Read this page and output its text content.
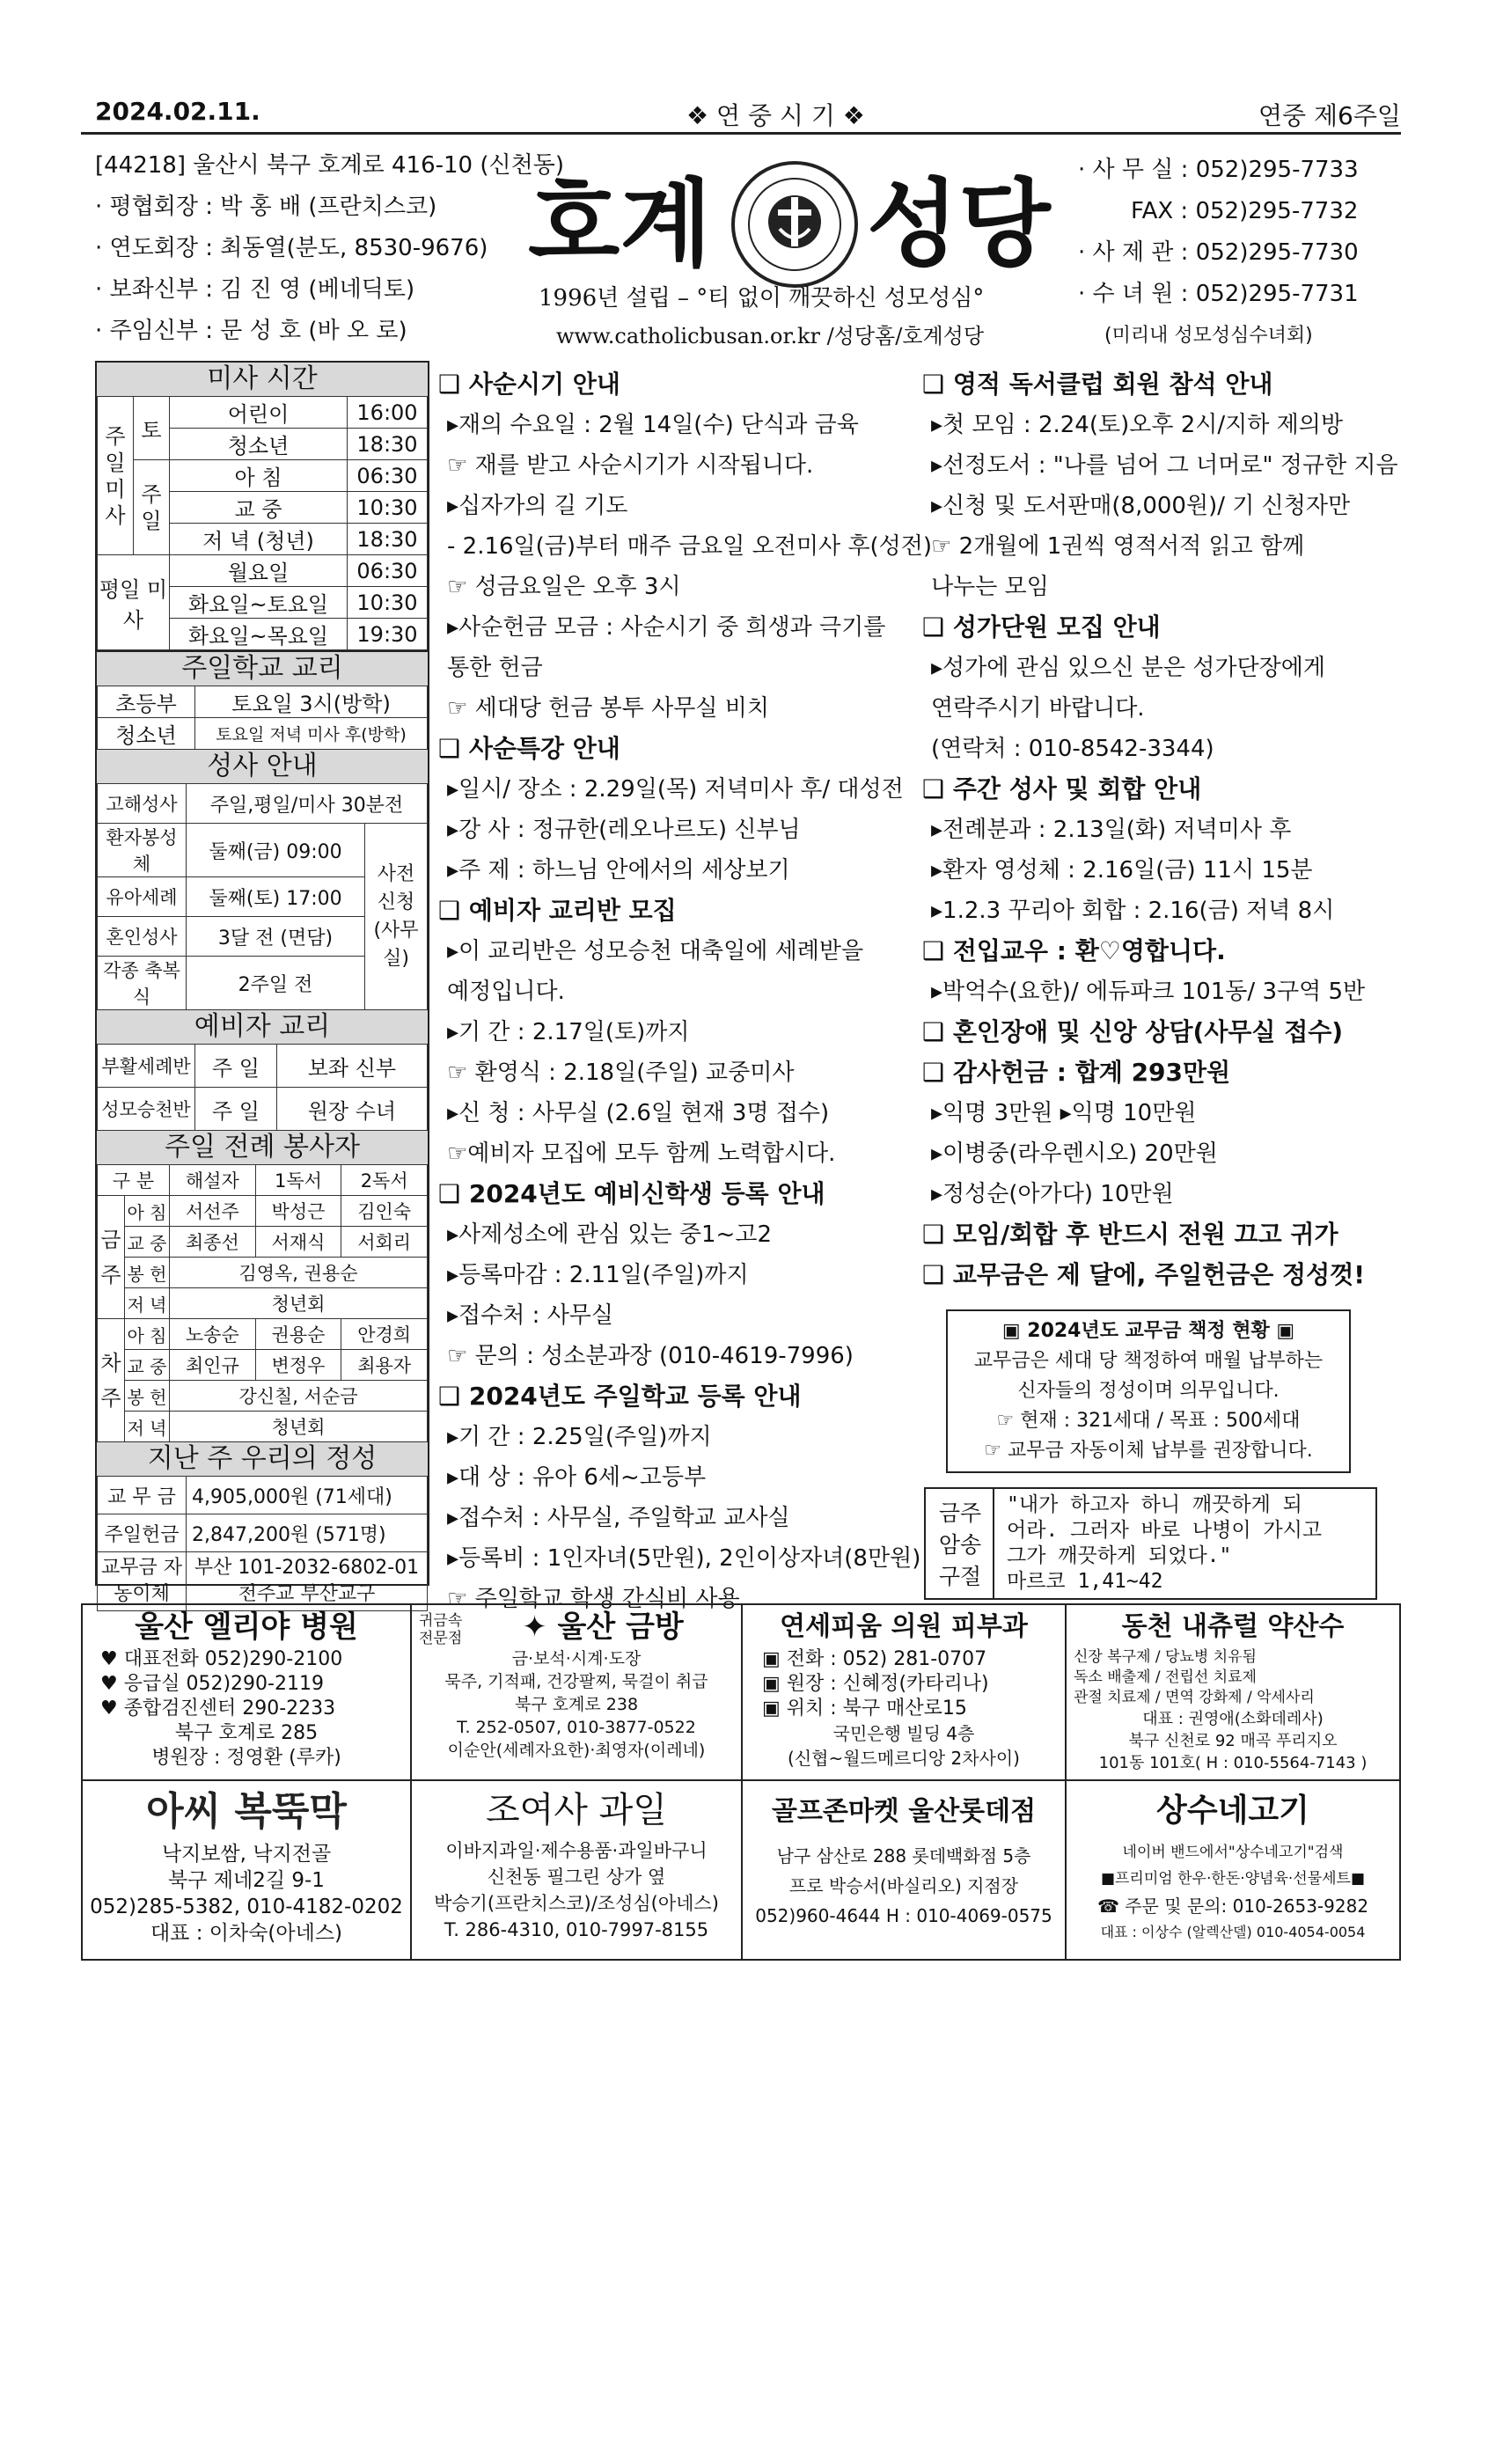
2024.02.11.	❖ 연 중 시 기 ❖	연중 제6주일
[44218] 울산시 북구 호계로 416-10 (신천동)
· 평협회장 : 박 홍 배 (프란치스코)
· 연도회장 : 최동열(분도, 8530-9676)
· 보좌신부 : 김 진 영 (베네딕토)
· 주임신부 : 문 성 호 (바 오 로)
호계 성당
1996년 설립 – °티 없이 깨끗하신 성모성심°
www.catholicbusan.or.kr /성당홈/호계성당
· 사 무 실 : 052)295-7733
FAX : 052)295-7732
· 사 제 관 : 052)295-7730
· 수 녀 원 : 052)295-7731
(미리내 성모성심수녀회)
미사 시간
주일미사	토	어린이	16:00
		청소년	18:30
	주일	아 침	06:30
		교 중	10:30
		저 녁 (청년)	18:30
평일 미사		월요일	06:30
		화요일~토요일	10:30
		화요일~목요일	19:30
주일학교 교리
초등부	토요일 3시(방학)
청소년	토요일 저녁 미사 후(방학)
성사 안내
고해성사	주일,평일/미사 30분전	
환자봉성체	둘째(금) 09:00	사전 신청 (사무실)
유아세례	둘째(토) 17:00	
혼인성사	3달 전 (면담)	
각종 축복식	2주일 전	
예비자 교리
부활세례반	주 일	보좌 신부
성모승천반	주 일	원장 수녀
주일 전례 봉사자
구 분		해설자	1독서	2독서
금주	아 침	서선주	박성근	김인숙
	교 중	최종선	서재식	서회리
	봉 헌	김영옥, 권용순		
	저 녁	청년회		
차주	아 침	노송순	권용순	안경희
	교 중	최인규	변정우	최용자
	봉 헌	강신칠, 서순금		
	저 녁	청년회		
지난 주 우리의 정성
교 무 금	4,905,000원 (71세대)
주일헌금	2,847,200원 (571명)
교무금 자동이체	부산 101-2032-6802-01 천주교 부산교구
❑ 사순시기 안내
▸재의 수요일 : 2월 14일(수) 단식과 금육
☞ 재를 받고 사순시기가 시작됩니다.
▸십자가의 길 기도
- 2.16일(금)부터 매주 금요일 오전미사 후(성전)
☞ 성금요일은 오후 3시
▸사순헌금 모금 : 사순시기 중 희생과 극기를
통한 헌금
☞ 세대당 헌금 봉투 사무실 비치
❑ 사순특강 안내
▸일시/ 장소 : 2.29일(목) 저녁미사 후/ 대성전
▸강 사 : 정규한(레오나르도) 신부님
▸주 제 : 하느님 안에서의 세상보기
❑ 예비자 교리반 모집
▸이 교리반은 성모승천 대축일에 세례받을
예정입니다.
▸기 간 : 2.17일(토)까지
☞ 환영식 : 2.18일(주일) 교중미사
▸신 청 : 사무실 (2.6일 현재 3명 접수)
☞예비자 모집에 모두 함께 노력합시다.
❑ 2024년도 예비신학생 등록 안내
▸사제성소에 관심 있는 중1~고2
▸등록마감 : 2.11일(주일)까지
▸접수처 : 사무실
☞ 문의 : 성소분과장 (010-4619-7996)
❑ 2024년도 주일학교 등록 안내
▸기 간 : 2.25일(주일)까지
▸대 상 : 유아 6세~고등부
▸접수처 : 사무실, 주일학교 교사실
▸등록비 : 1인자녀(5만원), 2인이상자녀(8만원)
☞ 주일학교 학생 간식비 사용
❑ 영적 독서클럽 회원 참석 안내
▸첫 모임 : 2.24(토)오후 2시/지하 제의방
▸선정도서 : "나를 넘어 그 너머로" 정규한 지음
▸신청 및 도서판매(8,000원)/ 기 신청자만
☞ 2개월에 1권씩 영적서적 읽고 함께
나누는 모임
❑ 성가단원 모집 안내
▸성가에 관심 있으신 분은 성가단장에게
연락주시기 바랍니다.
(연락처 : 010-8542-3344)
❑ 주간 성사 및 회합 안내
▸전례분과 : 2.13일(화) 저녁미사 후
▸환자 영성체 : 2.16일(금) 11시 15분
▸1.2.3 꾸리아 회합 : 2.16(금) 저녁 8시
❑ 전입교우 : 환♡영합니다.
▸박억수(요한)/ 에듀파크 101동/ 3구역 5반
❑ 혼인장애 및 신앙 상담(사무실 접수)
❑ 감사헌금 : 합계 293만원
▸익명 3만원 ▸익명 10만원
▸이병중(라우렌시오) 20만원
▸정성순(아가다) 10만원
❑ 모임/회합 후 반드시 전원 끄고 귀가
❑ 교무금은 제 달에, 주일헌금은 정성껏!
▣ 2024년도 교무금 책정 현황 ▣
교무금은 세대 당 책정하여 매월 납부하는
신자들의 정성이며 의무입니다.
☞ 현재 : 321세대 / 목표 : 500세대
☞ 교무금 자동이체 납부를 권장합니다.
금주 암송 구절
"내가 하고자 하니 깨끗하게 되
어라. 그러자 바로 나병이 가시고
그가 깨끗하게 되었다."
마르코 1,41~42
울산 엘리야 병원
♥ 대표전화 052)290-2100
♥ 응급실 052)290-2119
♥ 종합검진센터 290-2233
북구 호계로 285
병원장 : 정영환 (루카)
귀금속 전문점	✦ 울산 금방
금·보석·시계·도장
묵주, 기적패, 건강팔찌, 묵걸이 취급
북구 호계로 238
T. 252-0507, 010-3877-0522
이순안(세례자요한)·최영자(이레네)
연세피움 의원 피부과
▣ 전화 : 052) 281-0707
▣ 원장 : 신혜정(카타리나)
▣ 위치 : 북구 매산로15
국민은행 빌딩 4층
(신협~월드메르디앙 2차사이)
동천 내츄럴 약산수
신장 복구제 / 당뇨병 치유됨
독소 배출제 / 전립선 치료제
관절 치료제 / 면역 강화제 / 악세사리
대표 : 권영애(소화데레사)
북구 신천로 92 매곡 푸리지오
101동 101호( H : 010-5564-7143 )
아씨 복뚝막
낙지보쌈, 낙지전골
북구 제네2길 9-1
052)285-5382, 010-4182-0202
대표 : 이차숙(아네스)
조여사 과일
이바지과일·제수용품·과일바구니
신천동 필그린 상가 옆
박승기(프란치스코)/조성심(아네스)
T. 286-4310, 010-7997-8155
골프존마켓 울산롯데점
남구 삼산로 288 롯데백화점 5층
프로 박승서(바실리오) 지점장
052)960-4644 H : 010-4069-0575
상수네고기
네이버 밴드에서"상수네고기"검색
■프리미엄 한우·한돈·양념육·선물세트■
☎ 주문 및 문의: 010-2653-9282
대표 : 이상수 (알렉산델) 010-4054-0054
